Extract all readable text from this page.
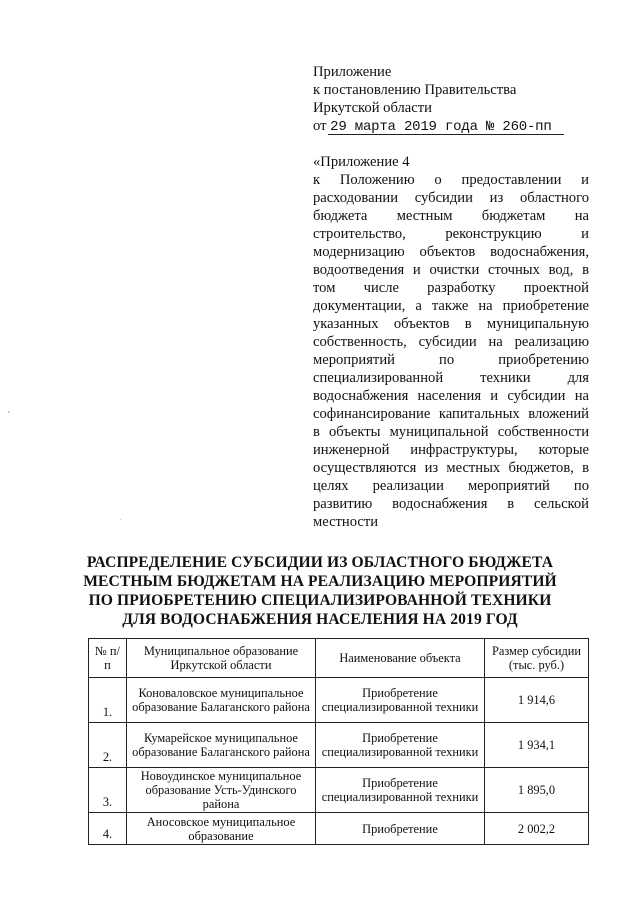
Приложение
к постановлению Правительства
Иркутской области
от 29 марта 2019 года № 260-пп
«Приложение 4
к Положению о предоставлении и
расходовании субсидии из областного
бюджета местным бюджетам на
строительство, реконструкцию и
модернизацию объектов водоснабжения,
водоотведения и очистки сточных вод, в
том числе разработку проектной
документации, а также на приобретение
указанных объектов в муниципальную
собственность, субсидии на реализацию
мероприятий по приобретению
специализированной техники для
водоснабжения населения и субсидии на
софинансирование капитальных вложений
в объекты муниципальной собственности
инженерной инфраструктуры, которые
осуществляются из местных бюджетов, в
целях реализации мероприятий по
развитию водоснабжения в сельской
местности
РАСПРЕДЕЛЕНИЕ СУБСИДИИ ИЗ ОБЛАСТНОГО БЮДЖЕТА
МЕСТНЫМ БЮДЖЕТАМ НА РЕАЛИЗАЦИЮ МЕРОПРИЯТИЙ
ПО ПРИОБРЕТЕНИЮ СПЕЦИАЛИЗИРОВАННОЙ ТЕХНИКИ
ДЛЯ ВОДОСНАБЖЕНИЯ НАСЕЛЕНИЯ НА 2019 ГОД
№ п/п	Муниципальное образование Иркутской области	Наименование объекта	Размер субсидии (тыс. руб.)
1.	Коноваловское муниципальное образование Балаганского района	Приобретение специализированной техники	1 914,6
2.	Кумарейское муниципальное образование Балаганского района	Приобретение специализированной техники	1 934,1
3.	Новоудинское муниципальное образование Усть-Удинского района	Приобретение специализированной техники	1 895,0
4.	Аносовское муниципальное образование	Приобретение	2 002,2
